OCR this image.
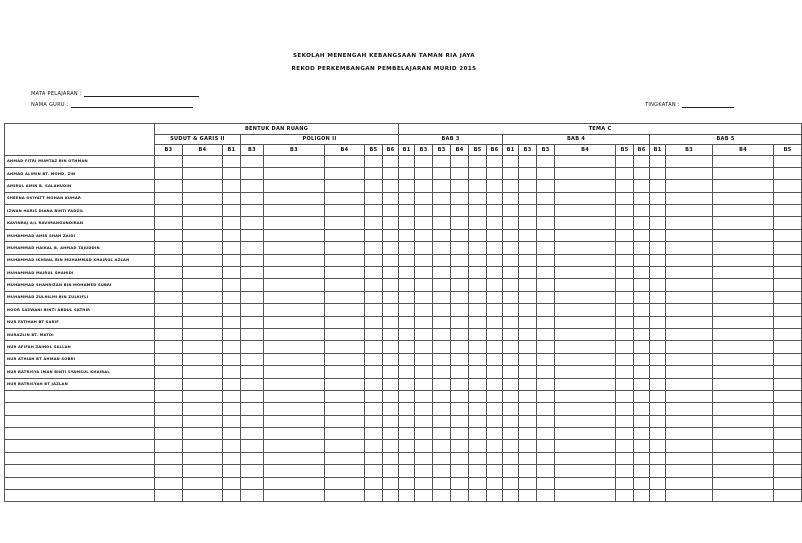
SEKOLAH MENENGAH KEBANGSAAN TAMAN RIA JAYA
REKOD PERKEMBANGAN PEMBELAJARAN MURID 2015
MATA PELAJARAN :
NAMA GURU :	TINGKATAN :
	BENTUK DAN RUANG								TEMA C																
	SUDUT & GARIS II			POLIGON II					BAB 3						BAB 4						BAB 5				
	B3	B4	B1	B3	B3	B4	B5	B6	B1	B3	B3	B4	B5	B6	B1	B3	B3	B4	B5	B6	B1	B3	B4	B5	
AHMAD FITRI MUMTAZ BIN OTHMAN																									
AHMAD ALIMIN BT. MOHD. ZIN																									
AMIRUL AMIN B. SALAHUDIN																									
SHEENA OVIYATT MOHAN KUMAR																									
IZWAN HARIS DIANA BINTI FADZIL																									
KAVINRAJ A/L RAVIMANGUNDIRAN																									
MUHAMMAD AMIR SHAH ZAIDI																									
MUHAMMAD HAIKAL B. AHMAD TAJUDDIN																									
MUHAMMAD IKHWAL BIN MUHAMMAD KHAIRUL AZLAN																									
MUHAMMAD MAIRUL SHAHIDI																									
MUHAMMAD SHAHRIZAN BIN MOHAMED SUBRI																									
MUHAMMAD ZULHILMI BIN ZULKIFLI																									
NOOR SAZWANI BINTI ABDUL SATHIR																									
NUR FATIHAH BT SARIF																									
NURAZLIN BT. MATDI																									
NUR AFIFAH ZAINOL SALLAH																									
NUR ATHIAH BT AHMAD SOBRI																									
NUR BATRISYA IMAN BINTI SYAMSUL KHAIRAL																									
NUR BATRISYAH BT JAZLAN																									
